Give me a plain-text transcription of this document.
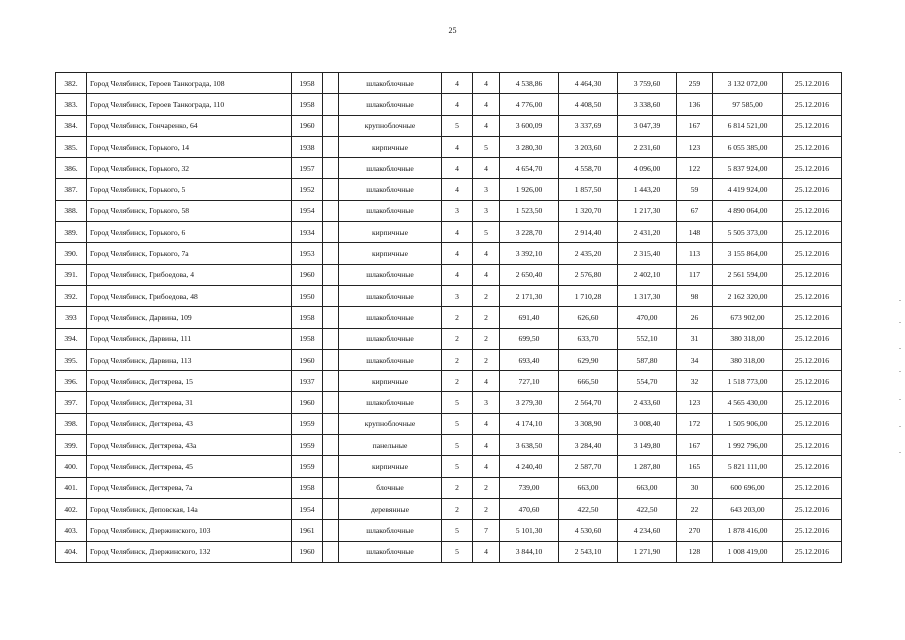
25
382.	Город Челябинск, Героев Танкограда, 108	1958		шлакоблочные	4	4	4 538,86	4 464,30	3 759,60	259	3 132 072,00	25.12.2016
383.	Город Челябинск, Героев Танкограда, 110	1958		шлакоблочные	4	4	4 776,00	4 408,50	3 338,60	136	97 585,00	25.12.2016
384.	Город Челябинск, Гончаренко, 64	1960		крупноблочные	5	4	3 600,09	3 337,69	3 047,39	167	6 814 521,00	25.12.2016
385.	Город Челябинск, Горького, 14	1938		кирпичные	4	5	3 280,30	3 203,60	2 231,60	123	6 055 385,00	25.12.2016
386.	Город Челябинск, Горького, 32	1957		шлакоблочные	4	4	4 654,70	4 558,70	4 096,00	122	5 837 924,00	25.12.2016
387.	Город Челябинск, Горького, 5	1952		шлакоблочные	4	3	1 926,00	1 857,50	1 443,20	59	4 419 924,00	25.12.2016
388.	Город Челябинск, Горького, 58	1954		шлакоблочные	3	3	1 523,50	1 320,70	1 217,30	67	4 890 064,00	25.12.2016
389.	Город Челябинск, Горького, 6	1934		кирпичные	4	5	3 228,70	2 914,40	2 431,20	148	5 505 373,00	25.12.2016
390.	Город Челябинск, Горького, 7а	1953		кирпичные	4	4	3 392,10	2 435,20	2 315,40	113	3 155 864,00	25.12.2016
391.	Город Челябинск, Грибоедова, 4	1960		шлакоблочные	4	4	2 650,40	2 576,80	2 402,10	117	2 561 594,00	25.12.2016
392.	Город Челябинск, Грибоедова, 48	1950		шлакоблочные	3	2	2 171,30	1 710,28	1 317,30	98	2 162 320,00	25.12.2016
393	Город Челябинск, Дарвина, 109	1958		шлакоблочные	2	2	691,40	626,60	470,00	26	673 902,00	25.12.2016
394.	Город Челябинск, Дарвина, 111	1958		шлакоблочные	2	2	699,50	633,70	552,10	31	380 318,00	25.12.2016
395.	Город Челябинск, Дарвина, 113	1960		шлакоблочные	2	2	693,40	629,90	587,80	34	380 318,00	25.12.2016
396.	Город Челябинск, Дегтярева, 15	1937		кирпичные	2	4	727,10	666,50	554,70	32	1 518 773,00	25.12.2016
397.	Город Челябинск, Дегтярева, 31	1960		шлакоблочные	5	3	3 279,30	2 564,70	2 433,60	123	4 565 430,00	25.12.2016
398.	Город Челябинск, Дегтярева, 43	1959		крупноблочные	5	4	4 174,10	3 308,90	3 008,40	172	1 505 906,00	25.12.2016
399.	Город Челябинск, Дегтярева, 43а	1959		панельные	5	4	3 638,50	3 284,40	3 149,80	167	1 992 796,00	25.12.2016
400.	Город Челябинск, Дегтярева, 45	1959		кирпичные	5	4	4 240,40	2 587,70	1 287,80	165	5 821 111,00	25.12.2016
401.	Город Челябинск, Дегтярева, 7а	1958		блочные	2	2	739,00	663,00	663,00	30	600 696,00	25.12.2016
402.	Город Челябинск, Деповская, 14а	1954		деревянные	2	2	470,60	422,50	422,50	22	643 203,00	25.12.2016
403.	Город Челябинск, Дзержинского, 103	1961		шлакоблочные	5	7	5 101,30	4 530,60	4 234,60	270	1 878 416,00	25.12.2016
404.	Город Челябинск, Дзержинского, 132	1960		шлакоблочные	5	4	3 844,10	2 543,10	1 271,90	128	1 008 419,00	25.12.2016
